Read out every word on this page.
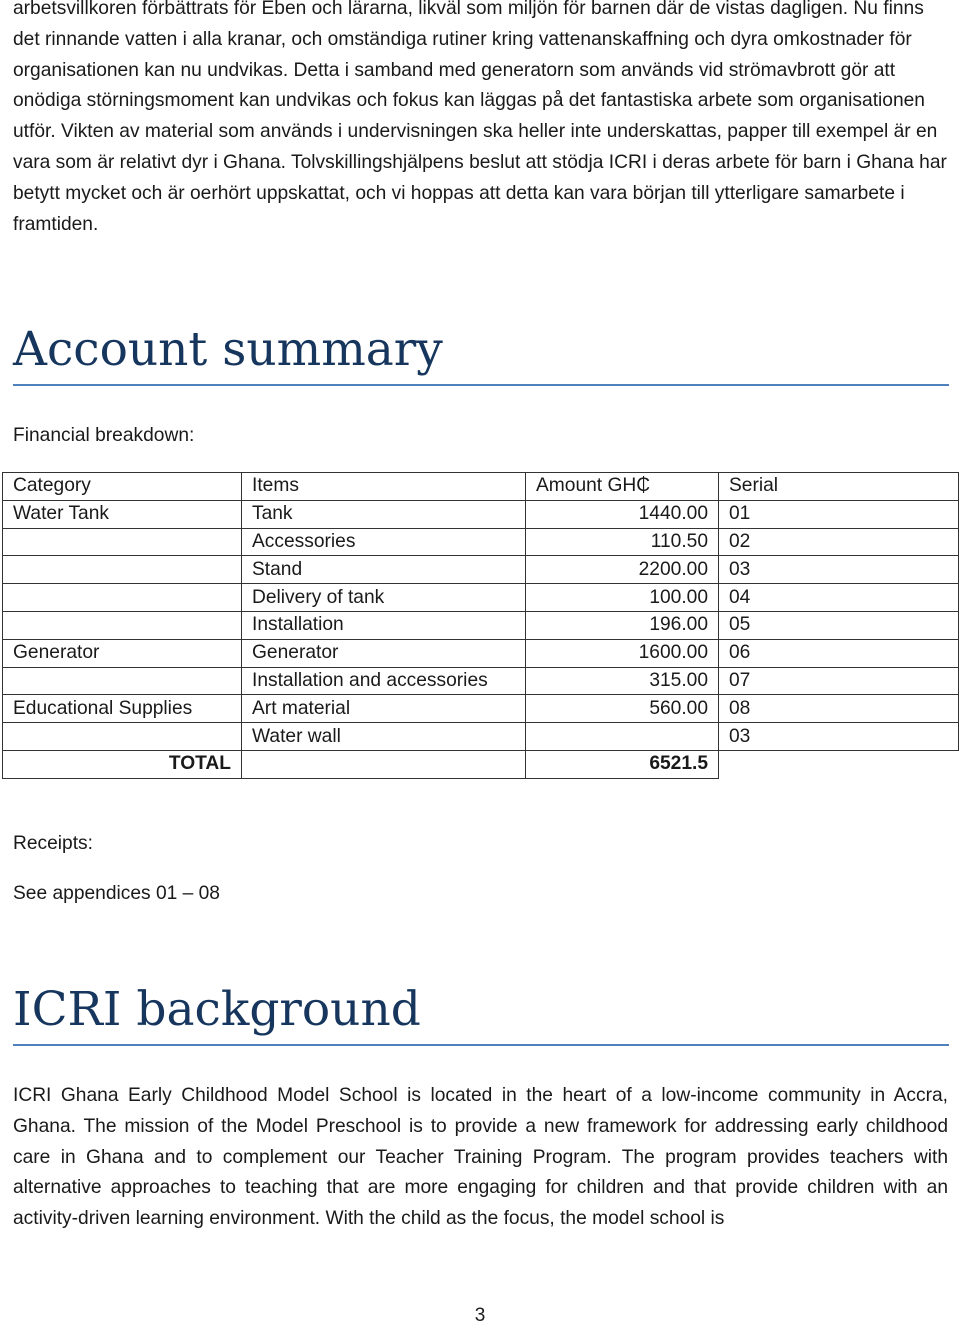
arbetsvillkoren förbättrats för Eben och lärarna, likväl som miljön för barnen där de vistas dagligen. Nu finns det rinnande vatten i alla kranar, och omständiga rutiner kring vattenanskaffning och dyra omkostnader för organisationen kan nu undvikas. Detta i samband med generatorn som används vid strömavbrott gör att onödiga störningsmoment kan undvikas och fokus kan läggas på det fantastiska arbete som organisationen utför. Vikten av material som används i undervisningen ska heller inte underskattas, papper till exempel är en vara som är relativt dyr i Ghana. Tolvskillingshjälpens beslut att stödja ICRI i deras arbete för barn i Ghana har betytt mycket och är oerhört uppskattat, och vi hoppas att detta kan vara början till ytterligare samarbete i framtiden.

Account summary

Financial breakdown:

Category	Items	Amount GH₵	Serial
Water Tank	Tank	1440.00	01
	Accessories	110.50	02
	Stand	2200.00	03
	Delivery of tank	100.00	04
	Installation	196.00	05
Generator	Generator	1600.00	06
	Installation and accessories	315.00	07
Educational Supplies	Art material	560.00	08
	Water wall		03
TOTAL		6521.5	

Receipts:

See appendices 01 – 08

ICRI background

ICRI Ghana Early Childhood Model School is located in the heart of a low-income community in Accra, Ghana. The mission of the Model Preschool is to provide a new framework for addressing early childhood care in Ghana and to complement our Teacher Training Program. The program provides teachers with alternative approaches to teaching that are more engaging for children and that provide children with an activity-driven learning environment. With the child as the focus, the model school is

3
